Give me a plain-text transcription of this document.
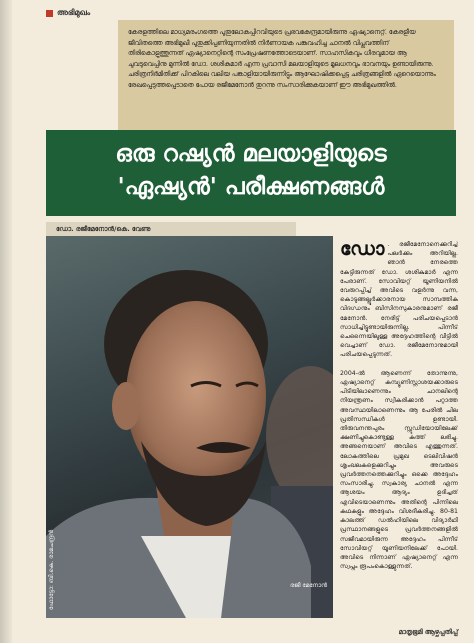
അഭിമുഖം
കേരളത്തിലെ മാധ്യമരംഗത്തെ പുതുലോകപ്പിറവിയുടെ പ്രഭവകേന്ദ്രമായിരുന്നു ഏഷ്യാനെറ്റ്. കേരളീയ ജീവിതത്തെ അഭിമുഖീ പുതുക്കിപ്പണിയുന്നതിൽ നിർണായക പങ്കുവഹിച്ച ചാനൽ വിപ്ലവത്തിന് തിരികൊളുത്തുന്നത് ഏഷ്യാനെറ്റിന്റെ സംപ്രേഷണത്തോടെയാണ്. സാഹസികവും ധീരവുമായ ആ ചുവടുവെപ്പിനു മുന്നിൽ ഡോ. ശശികുമാർ എന്ന പ്രവാസി മലയാളിയുടെ മൂലധനവും ഭാവനയും ഉണ്ടായിരുന്നു. ചരിത്രനിർമിതിക്ക് പിറകിലെ വലിയ പങ്കാളിയായിരുന്നിട്ടും ആഘോഷിക്കപ്പെട്ട ചരിത്രങ്ങളിൽ ഏറെയൊന്നും രേഖപ്പെടുത്തപ്പെടാതെ പോയ രജീമേനോൻ തുറന്നു സംസാരിക്കുകയാണ് ഈ അഭിമുഖത്തിൽ.
ഒരു റഷ്യൻ മലയാളിയുടെ
'ഏഷ്യൻ' പരീക്ഷണങ്ങൾ
ഡോ. രജീമേനോൻ/കെ. വേണു
ഫോട്ടോ: ബി.കെ. രാമചന്ദ്രൻ	രജീ മേനോൻ
ഡോ . രജീമേനോനെക്കുറിച്ച് പലർക്കും അറിയില്ല. ഞാൻ നേരത്തെ കേട്ടിരുന്നത് ഡോ. ശശികുമാർ എന്ന പേരാണ്. സോവിയറ്റ് യൂണിയനിൽ വേരുറപ്പിച്ച് അവിടെ വളർന്നു വന്ന, കൊടുങ്ങല്ലൂർക്കാരനായ സാമ്പത്തിക വിദഗ്ധനും ബിസിനസുകാരനുമാണ് രജീ മേനോൻ. നേരിട്ട് പരിചയപ്പെടാൻ സാധിച്ചിട്ടുണ്ടായിരുന്നില്ല. പിന്നീട് ചെന്നൈയിലുള്ള അദ്ദേഹത്തിന്റെ വീട്ടിൽ വെച്ചാണ് ഡോ. രജീമേനോനുമായി പരിചയപ്പെടുന്നത്.

2004-ൽ ആണെന്ന് തോന്നുന്നു, ഏഷ്യാനെറ്റ് കമ്പ്യൂണിസ്റ്റാശയക്കാരുടെ പിടിയിലാണെന്നും ചാനലിന്റെ നിയന്ത്രണം സ്വീകരിക്കാൻ പറ്റാത്ത അവസ്ഥയിലാണെന്നും ആ പേരിൽ ചില പ്രതിസന്ധികൾ ഉണ്ടായി. തിരുവനന്തപുരം സ്റ്റുഡിയോയിലേക്ക് ക്ഷണിച്ചുകൊണ്ടുള്ള കത്ത് ലഭിച്ചു. അങ്ങനെയാണ് അവിടെ എത്തുന്നത്. ലോകത്തിലെ പ്രമുഖ ടെലിവിഷൻ ശൃംഖലകളെക്കുറിച്ചും അവരുടെ പ്രവർത്തനത്തെക്കുറിച്ചും ഒക്കെ അദ്ദേഹം സംസാരിച്ചു. സ്വകാര്യ ചാനൽ എന്ന ആശയം ആദ്യം ഉദിച്ചത് എവിടെയാണെന്നും അതിന്റെ പിന്നിലെ കഥകളും അദ്ദേഹം വിശദീകരിച്ചു. 80-81 കാലത്ത് ഡൽഹിയിലെ വിദ്യാർഥി പ്രസ്ഥാനങ്ങളുടെ പ്രവർത്തനങ്ങളിൽ സജീവമായിരുന്ന അദ്ദേഹം പിന്നീട് സോവിയറ്റ് യൂണിയനിലേക്ക് പോയി. അവിടെ നിന്നാണ് ഏഷ്യാനെറ്റ് എന്ന സ്വപ്നം രൂപംകൊള്ളുന്നത്.
മാതൃഭൂമി ആഴ്ചപ്പതിപ്പ്
